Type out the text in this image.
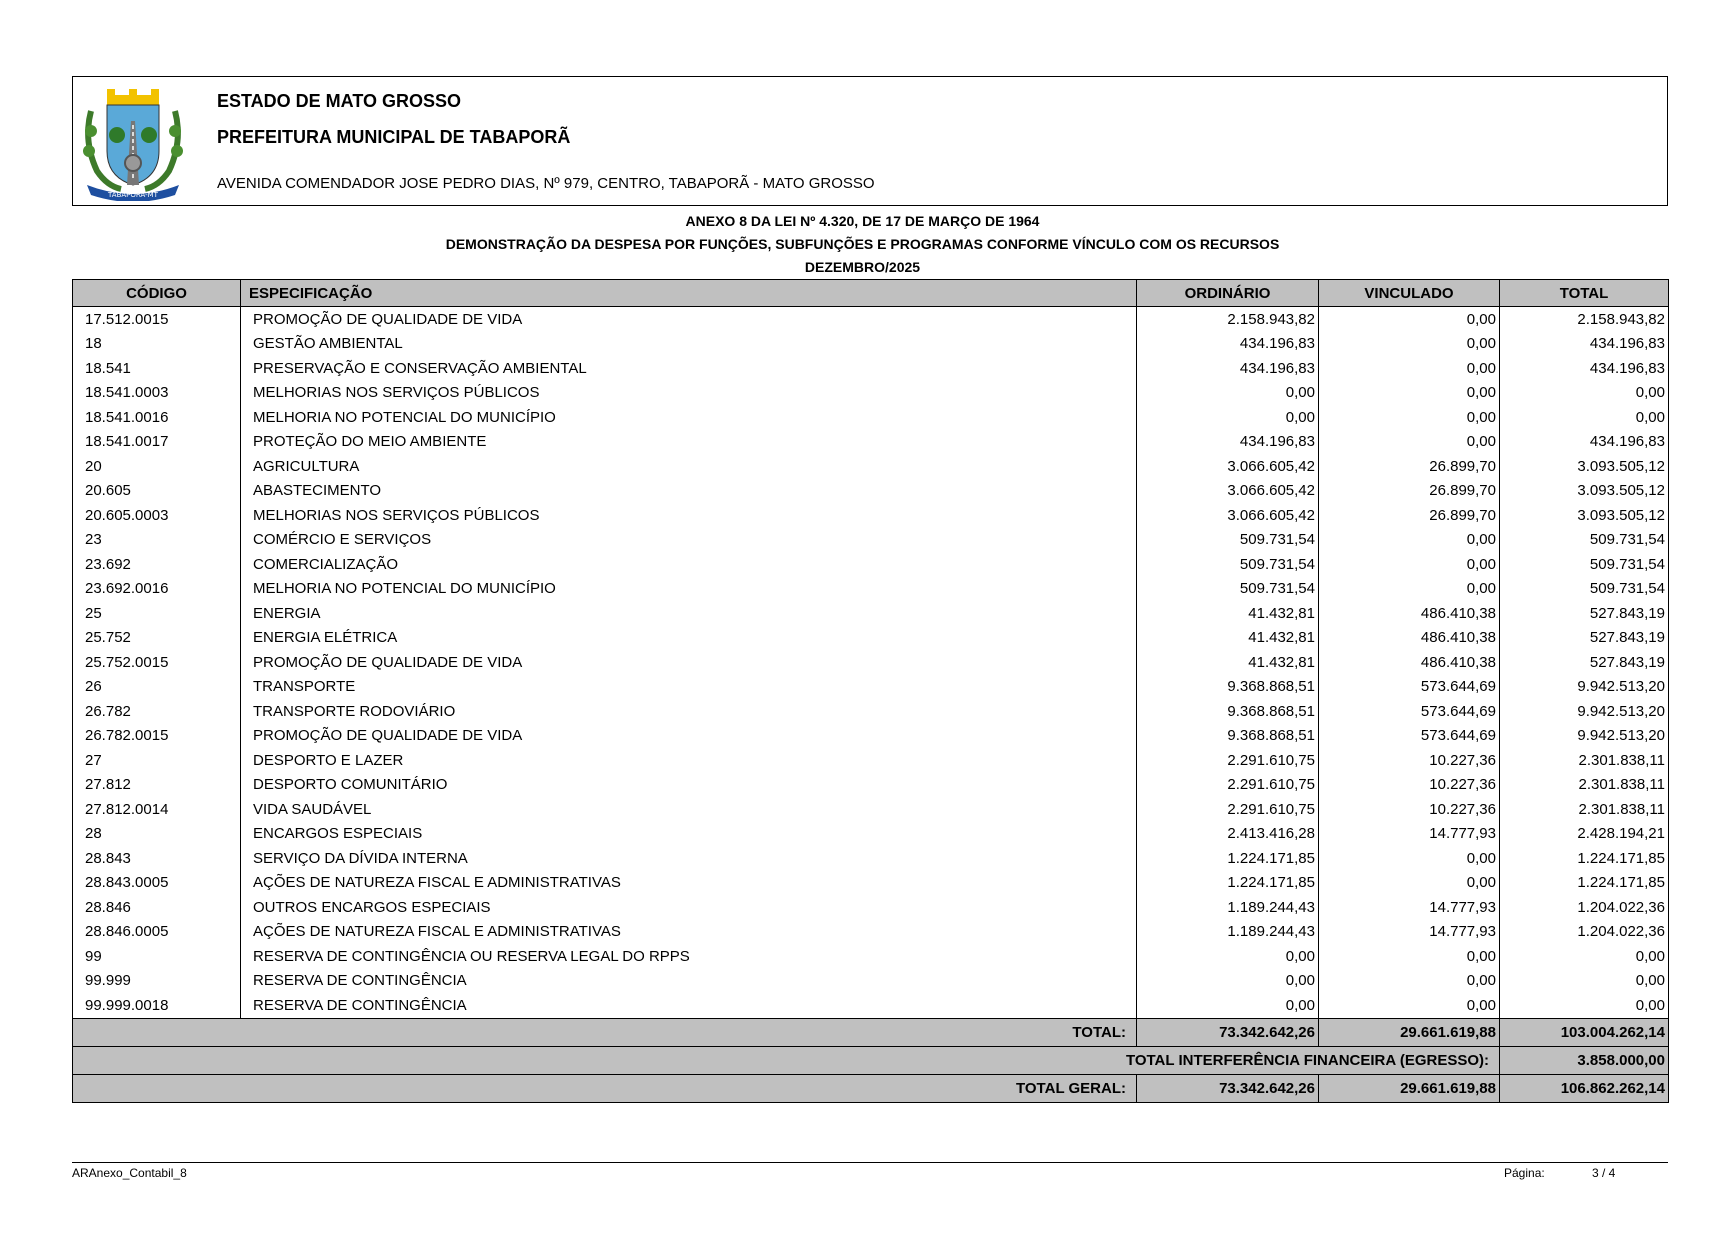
TABAPORÃ-MT
ESTADO DE MATO GROSSO
PREFEITURA MUNICIPAL DE TABAPORÃ
AVENIDA COMENDADOR JOSE PEDRO DIAS, Nº 979, CENTRO, TABAPORÃ - MATO GROSSO
ANEXO 8 DA LEI Nº 4.320, DE 17 DE MARÇO DE 1964
DEMONSTRAÇÃO DA DESPESA POR FUNÇÕES, SUBFUNÇÕES E PROGRAMAS CONFORME VÍNCULO COM OS RECURSOS
DEZEMBRO/2025
CÓDIGO	ESPECIFICAÇÃO	ORDINÁRIO	VINCULADO	TOTAL
17.512.0015	PROMOÇÃO DE QUALIDADE DE VIDA	2.158.943,82	0,00	2.158.943,82
18	GESTÃO AMBIENTAL	434.196,83	0,00	434.196,83
18.541	PRESERVAÇÃO E CONSERVAÇÃO AMBIENTAL	434.196,83	0,00	434.196,83
18.541.0003	MELHORIAS NOS SERVIÇOS PÚBLICOS	0,00	0,00	0,00
18.541.0016	MELHORIA NO POTENCIAL DO MUNICÍPIO	0,00	0,00	0,00
18.541.0017	PROTEÇÃO DO MEIO AMBIENTE	434.196,83	0,00	434.196,83
20	AGRICULTURA	3.066.605,42	26.899,70	3.093.505,12
20.605	ABASTECIMENTO	3.066.605,42	26.899,70	3.093.505,12
20.605.0003	MELHORIAS NOS SERVIÇOS PÚBLICOS	3.066.605,42	26.899,70	3.093.505,12
23	COMÉRCIO E SERVIÇOS	509.731,54	0,00	509.731,54
23.692	COMERCIALIZAÇÃO	509.731,54	0,00	509.731,54
23.692.0016	MELHORIA NO POTENCIAL DO MUNICÍPIO	509.731,54	0,00	509.731,54
25	ENERGIA	41.432,81	486.410,38	527.843,19
25.752	ENERGIA ELÉTRICA	41.432,81	486.410,38	527.843,19
25.752.0015	PROMOÇÃO DE QUALIDADE DE VIDA	41.432,81	486.410,38	527.843,19
26	TRANSPORTE	9.368.868,51	573.644,69	9.942.513,20
26.782	TRANSPORTE RODOVIÁRIO	9.368.868,51	573.644,69	9.942.513,20
26.782.0015	PROMOÇÃO DE QUALIDADE DE VIDA	9.368.868,51	573.644,69	9.942.513,20
27	DESPORTO E LAZER	2.291.610,75	10.227,36	2.301.838,11
27.812	DESPORTO COMUNITÁRIO	2.291.610,75	10.227,36	2.301.838,11
27.812.0014	VIDA SAUDÁVEL	2.291.610,75	10.227,36	2.301.838,11
28	ENCARGOS ESPECIAIS	2.413.416,28	14.777,93	2.428.194,21
28.843	SERVIÇO DA DÍVIDA INTERNA	1.224.171,85	0,00	1.224.171,85
28.843.0005	AÇÕES DE NATUREZA FISCAL E ADMINISTRATIVAS	1.224.171,85	0,00	1.224.171,85
28.846	OUTROS ENCARGOS ESPECIAIS	1.189.244,43	14.777,93	1.204.022,36
28.846.0005	AÇÕES DE NATUREZA FISCAL E ADMINISTRATIVAS	1.189.244,43	14.777,93	1.204.022,36
99	RESERVA DE CONTINGÊNCIA OU RESERVA LEGAL DO RPPS	0,00	0,00	0,00
99.999	RESERVA DE CONTINGÊNCIA	0,00	0,00	0,00
99.999.0018	RESERVA DE CONTINGÊNCIA	0,00	0,00	0,00
TOTAL:		73.342.642,26	29.661.619,88	103.004.262,14
TOTAL INTERFERÊNCIA FINANCEIRA (EGRESSO):				3.858.000,00
TOTAL GERAL:		73.342.642,26	29.661.619,88	106.862.262,14
ARAnexo_Contabil_8	Página:	3 / 4
